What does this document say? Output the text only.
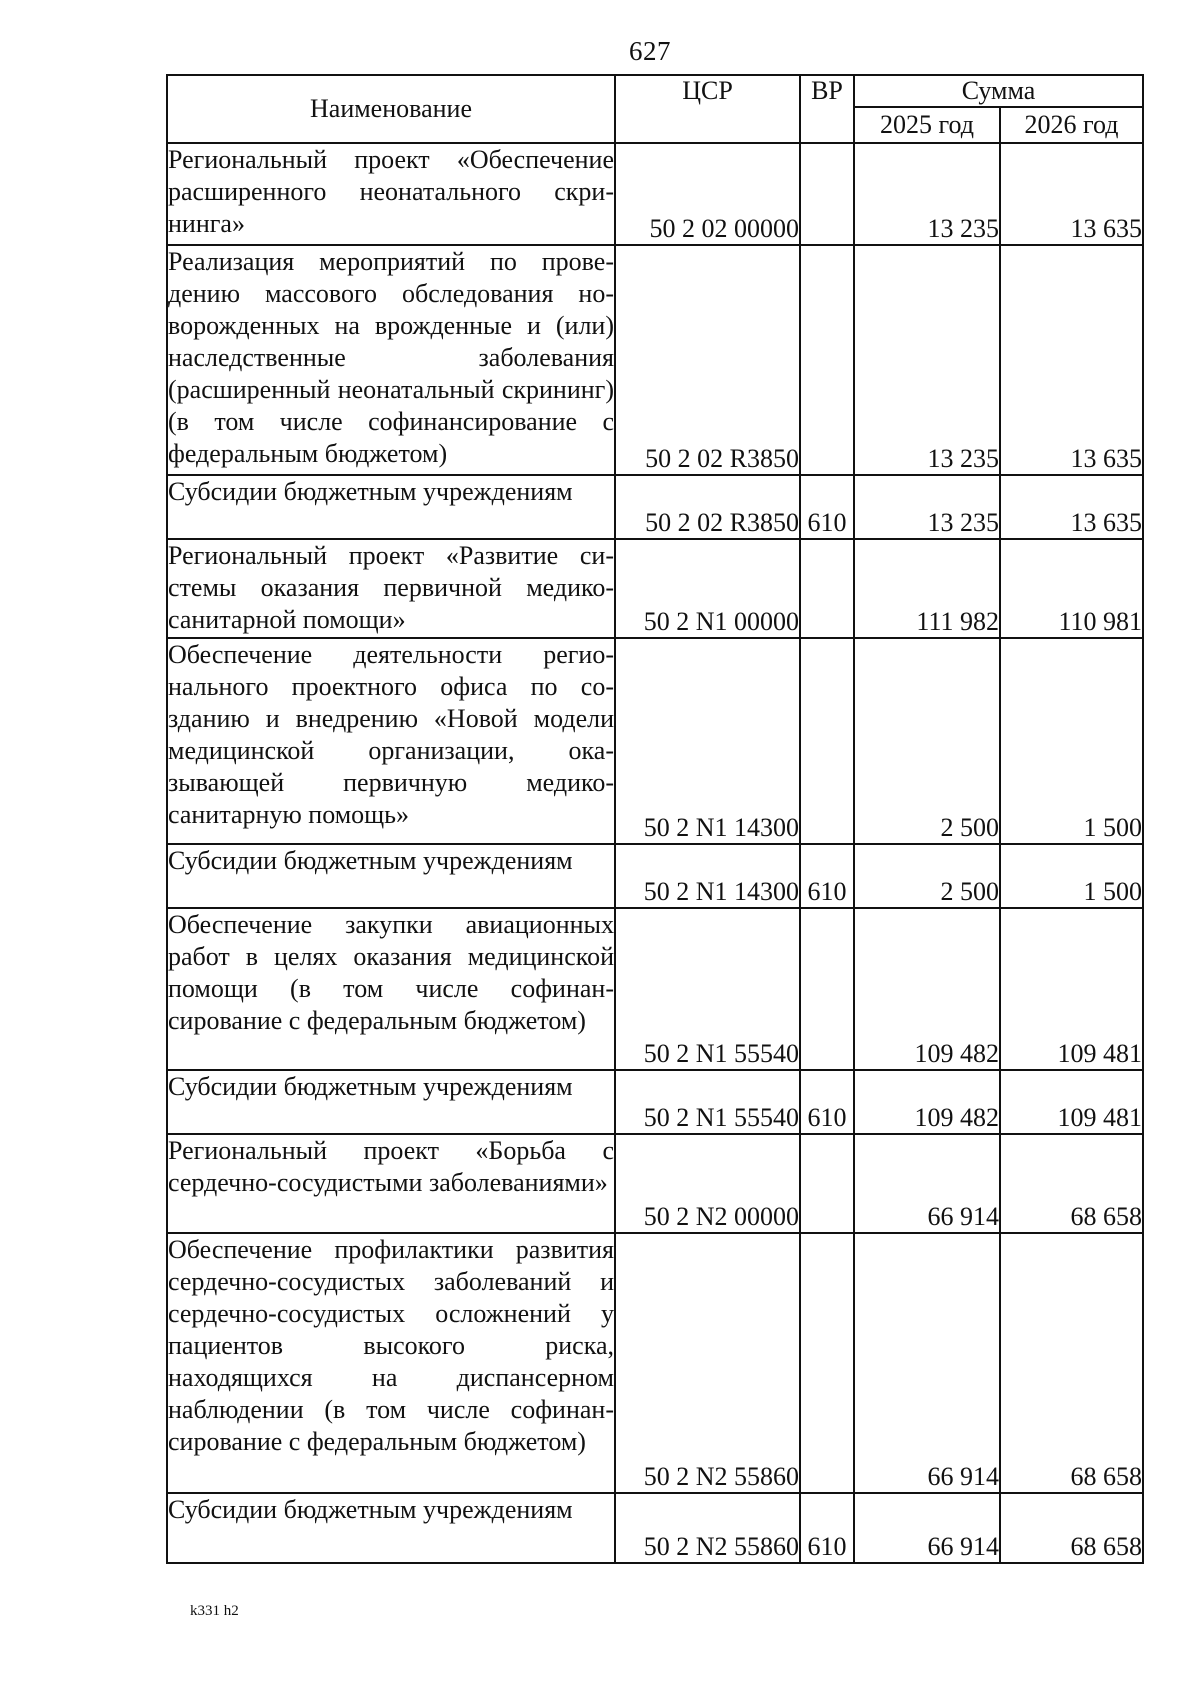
627
Наименование	ЦСР	ВР	Сумма	
			2025 год	2026 год
Региональный проект «Обеспечение расширенного неонатального скрининга»	50 2 02 00000		13 235	13 635
Реализация мероприятий по проведению массового обследования новорожденных на врожденные и (или) наследственные заболевания (расширенный неонатальный скрининг) (в том числе софинансирование с федеральным бюджетом)	50 2 02 R3850		13 235	13 635
Субсидии бюджетным учреждениям	50 2 02 R3850	610	13 235	13 635
Региональный проект «Развитие системы оказания первичной медико-санитарной помощи»	50 2 N1 00000		111 982	110 981
Обеспечение деятельности регионального проектного офиса по созданию и внедрению «Новой модели медицинской организации, оказывающей первичную медико-санитарную помощь»	50 2 N1 14300		2 500	1 500
Субсидии бюджетным учреждениям	50 2 N1 14300	610	2 500	1 500
Обеспечение закупки авиационных работ в целях оказания медицинской помощи (в том числе софинансирование с федеральным бюджетом)	50 2 N1 55540		109 482	109 481
Субсидии бюджетным учреждениям	50 2 N1 55540	610	109 482	109 481
Региональный проект «Борьба с сердечно-сосудистыми заболеваниями»	50 2 N2 00000		66 914	68 658
Обеспечение профилактики развития сердечно-сосудистых заболеваний и сердечно-сосудистых осложнений у пациентов высокого риска, находящихся на диспансерном наблюдении (в том числе софинансирование с федеральным бюджетом)	50 2 N2 55860		66 914	68 658
Субсидии бюджетным учреждениям	50 2 N2 55860	610	66 914	68 658
k331 h2
